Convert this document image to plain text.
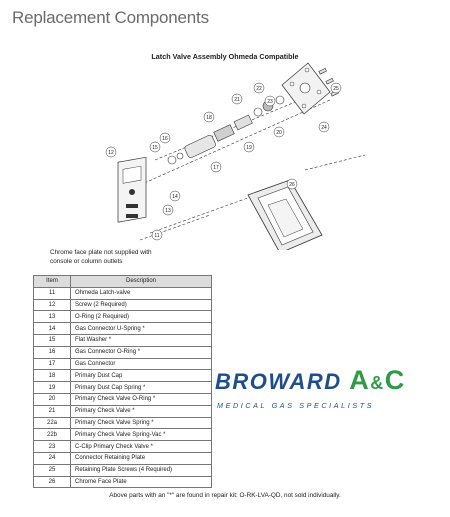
Replacement Components
Latch Valve Assembly Ohmeda Compatible
11
12
13
14
15
16
17
18
19
20
21
22
23
24
25
26
Chrome face plate not supplied with
console or column outlets
Item	Description
11	Ohmeda Latch-valve
12	Screw (2 Required)
13	O-Ring (2 Required)
14	Gas Connector U-Spring *
15	Flat Washer *
16	Gas Connector O-Ring *
17	Gas Connector
18	Primary Dust Cap
19	Primary Dust Cap Spring *
20	Primary Check Valve O-Ring *
21	Primary Check Valve *
22a	Primary Check Valve Spring *
22b	Primary Check Valve Spring-Vac *
23	C-Clip Primary Check Valve *
24	Connector Retaining Plate
25	Retaining Plate Screws (4 Required)
26	Chrome Face Plate
BROWARD A&C
MEDICAL GAS SPECIALISTS
Above parts with an "*" are found in repair kit: O-RK-LVA-QD, not sold individually.
